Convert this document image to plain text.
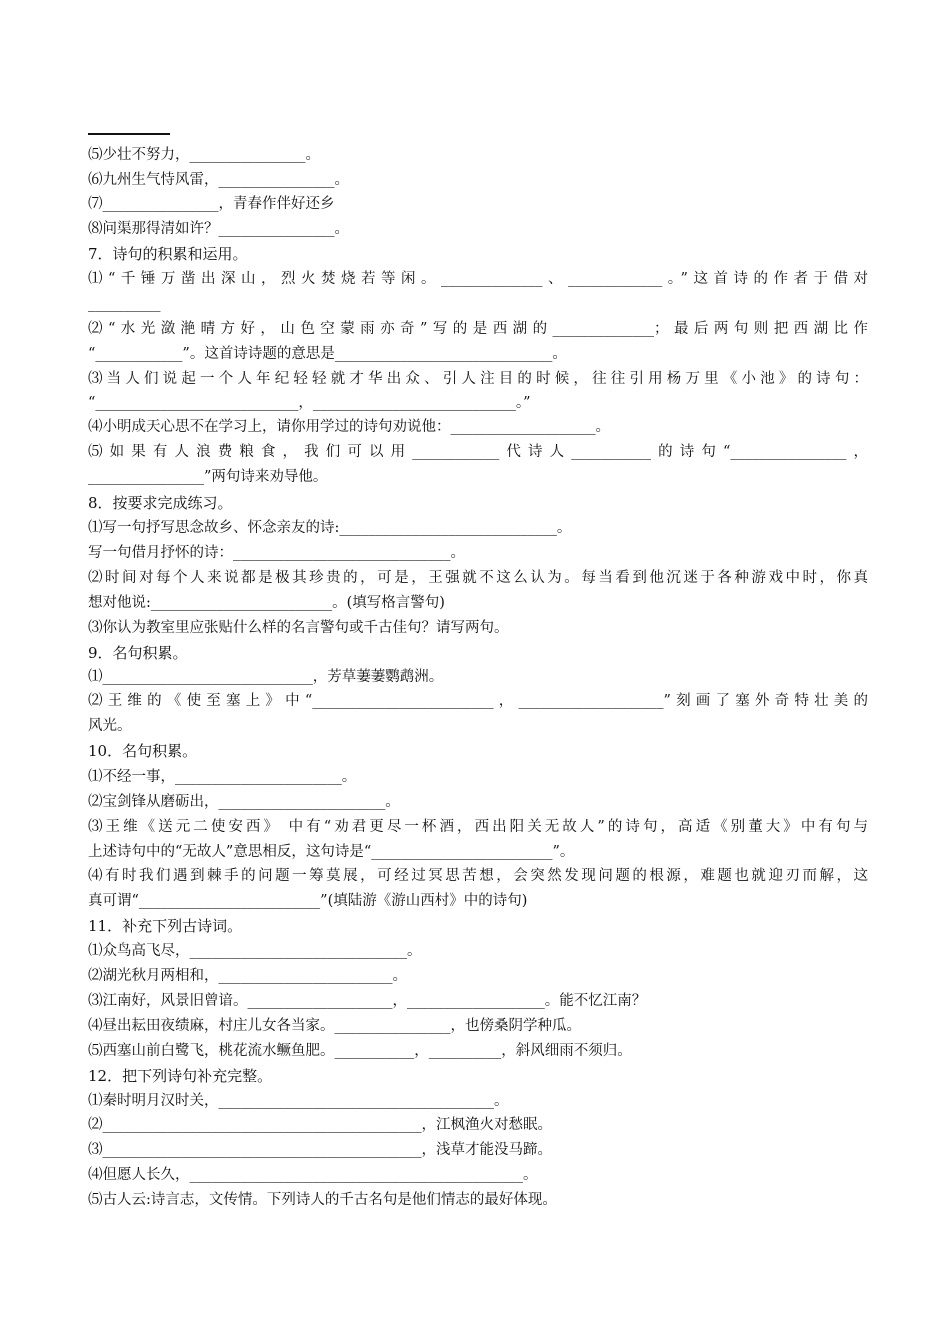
⑸少壮不努力，________________。
⑹九州生气恃风雷，________________。
⑺________________，青春作伴好还乡
⑻问渠那得清如许？________________。
7．诗句的积累和运用。
⑴“千锤万凿出深山，烈火焚烧若等闲。______________、_____________。”这首诗的作者于借对
__________
⑵“水光潋滟晴方好，山色空蒙雨亦奇”写的是西湖的______________；最后两句则把西湖比作
“____________”。这首诗诗题的意思是______________________________。
⑶当人们说起一个人年纪轻轻就才华出众、引人注目的时候，往往引用杨万里《小池》的诗句：
“____________________________，____________________________。”
⑷小明成天心思不在学习上，请你用学过的诗句劝说他：____________________。
⑸如果有人浪费粮食，我们可以用____________代诗人___________的诗句“________________，
________________”两句诗来劝导他。
8．按要求完成练习。
⑴写一句抒写思念故乡、怀念亲友的诗:______________________________。
写一句借月抒怀的诗：______________________________。
⑵时间对每个人来说都是极其珍贵的，可是，王强就不这么认为。每当看到他沉迷于各种游戏中时，你真
想对他说:_________________________。(填写格言警句)
⑶你认为教室里应张贴什么样的名言警句或千古佳句？请写两句。
9．名句积累。
⑴_____________________________，芳草萋萋鹦鹉洲。
⑵王维的《使至塞上》中“_________________________，____________________”刻画了塞外奇特壮美的
风光。
10．名句积累。
⑴不经一事，_______________________。
⑵宝剑锋从磨砺出，_______________________。
⑶王维《送元二使安西》 中有“劝君更尽一杯酒，西出阳关无故人”的诗句，高适《别董大》中有句与
上述诗句中的“无故人”意思相反，这句诗是“_________________________”。
⑷有时我们遇到棘手的问题一筹莫展，可经过冥思苦想，会突然发现问题的根源，难题也就迎刃而解，这
真可谓“_________________________”(填陆游《游山西村》中的诗句)
11．补充下列古诗词。
⑴众鸟高飞尽，______________________________。
⑵湖光秋月两相和，________________________。
⑶江南好，风景旧曾谙。____________________，___________________。能不忆江南？
⑷昼出耘田夜绩麻，村庄儿女各当家。________________，也傍桑阴学种瓜。
⑸西塞山前白鹭飞，桃花流水鳜鱼肥。___________，__________，斜风细雨不须归。
12．把下列诗句补充完整。
⑴秦时明月汉时关，______________________________________。
⑵____________________________________________，江枫渔火对愁眠。
⑶____________________________________________，浅草才能没马蹄。
⑷但愿人长久，______________________________________________。
⑸古人云:诗言志，文传情。下列诗人的千古名句是他们情志的最好体现。
